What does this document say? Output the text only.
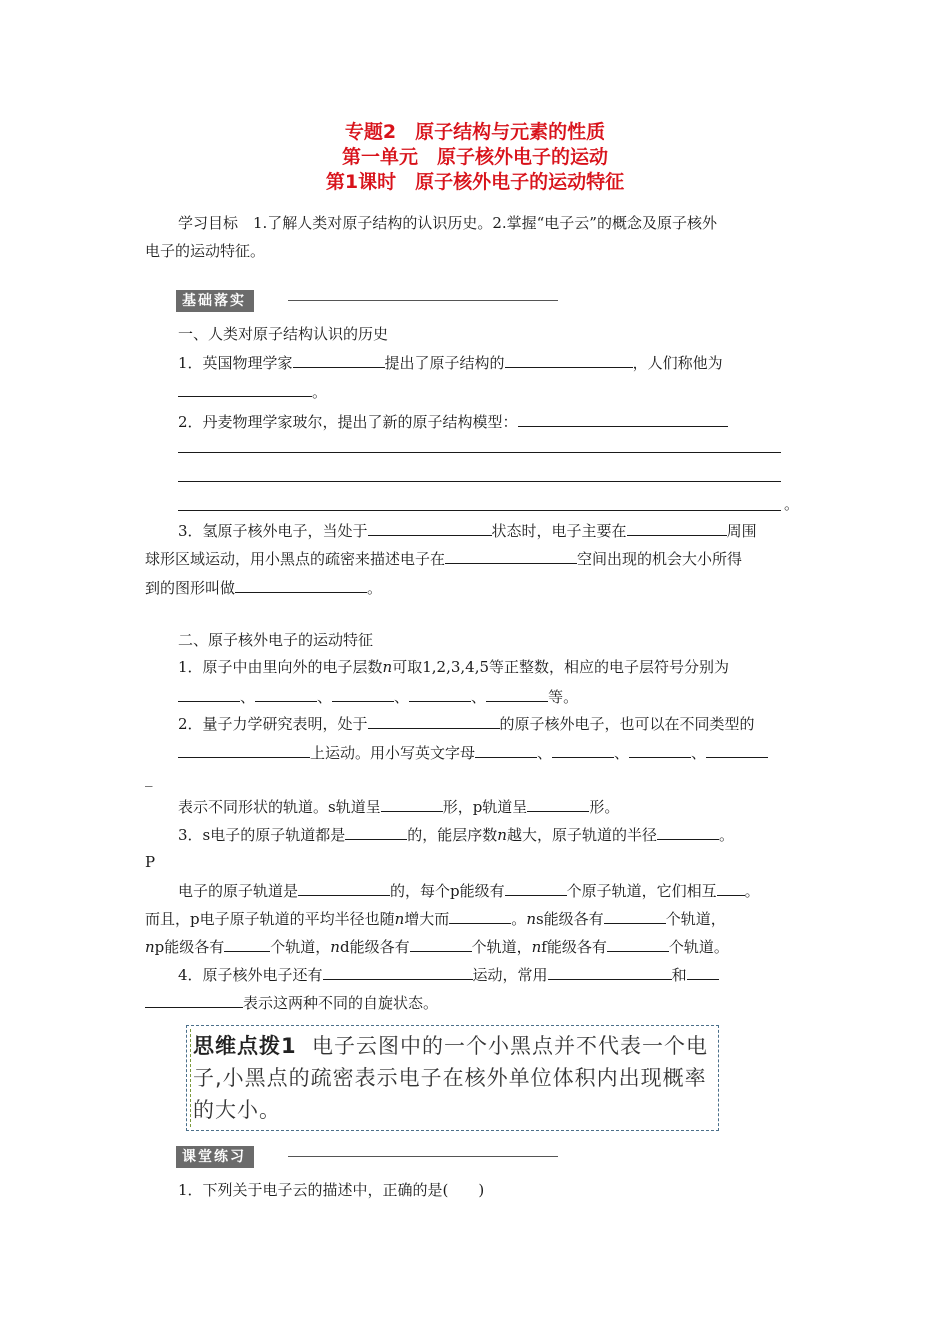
专题2　原子结构与元素的性质
第一单元　原子核外电子的运动
第1课时　原子核外电子的运动特征
学习目标　1.了解人类对原子结构的认识历史。2.掌握“电子云”的概念及原子核外
电子的运动特征。
基础落实
一、人类对原子结构认识的历史
1．英国物理学家	提出了原子结构的	，人们称他为
。
2．丹麦物理学家玻尔，提出了新的原子结构模型：
。
3．氢原子核外电子，当处于	状态时，电子主要在	周围
球形区域运动，用小黑点的疏密来描述电子在	空间出现的机会大小所得
到的图形叫做	。
二、原子核外电子的运动特征
1．原子中由里向外的电子层数n可取1,2,3,4,5等正整数，相应的电子层符号分别为
、	、	、	、	等。
2．量子力学研究表明，处于	的原子核外电子，也可以在不同类型的
上运动。用小写英文字母	、	、	、
_
表示不同形状的轨道。s轨道呈	形，p轨道呈	形。
3．s电子的原子轨道都是	的，能层序数n越大，原子轨道的半径	。
P
电子的原子轨道是	的，每个p能级有	个原子轨道，它们相互 。
而且，p电子原子轨道的平均半径也随n增大而	。ns能级各有	个轨道，
np能级各有	个轨道，nd能级各有	个轨道，nf能级各有	个轨道。
4．原子核外电子还有	运动，常用	和
表示这两种不同的自旋状态。
思维点拨1 电子云图中的一个小黑点并不代表一个电子,小黑点的疏密表示电子在核外单位体积内出现概率的大小。
课堂练习
1．下列关于电子云的描述中，正确的是(　　)
